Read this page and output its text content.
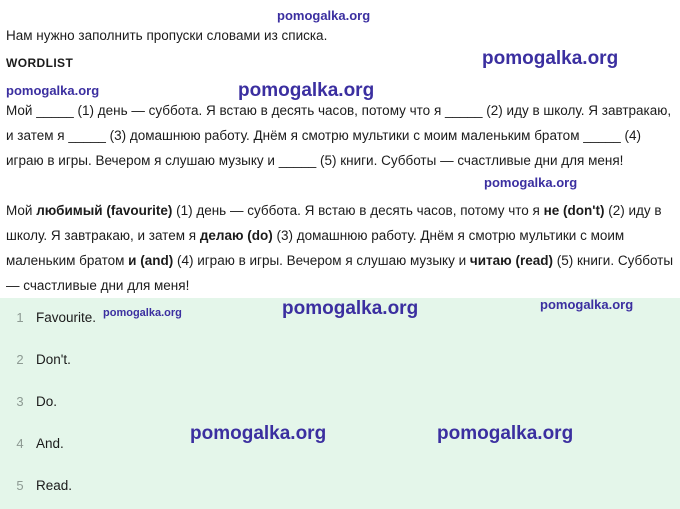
Нам нужно заполнить пропуски словами из списка.
WORDLIST
Мой _____ (1) день — суббота. Я встаю в десять часов, потому что я _____ (2) иду в школу. Я завтракаю, и затем я _____ (3) домашнюю работу. Днём я смотрю мультики с моим маленьким братом _____ (4) играю в игры. Вечером я слушаю музыку и _____ (5) книги. Субботы — счастливые дни для меня!
Мой любимый (favourite) (1) день — суббота. Я встаю в десять часов, потому что я не (don't) (2) иду в школу. Я завтракаю, и затем я делаю (do) (3) домашнюю работу. Днём я смотрю мультики с моим маленьким братом и (and) (4) играю в игры. Вечером я слушаю музыку и читаю (read) (5) книги. Субботы — счастливые дни для меня!
1 Favourite.
2 Don't.
3 Do.
4 And.
5 Read.
pomogalka.org
pomogalka.org
pomogalka.org	pomogalka.org
pomogalka.org
pomogalka.org
pomogalka.org	pomogalka.org
pomogalka.org	pomogalka.org
